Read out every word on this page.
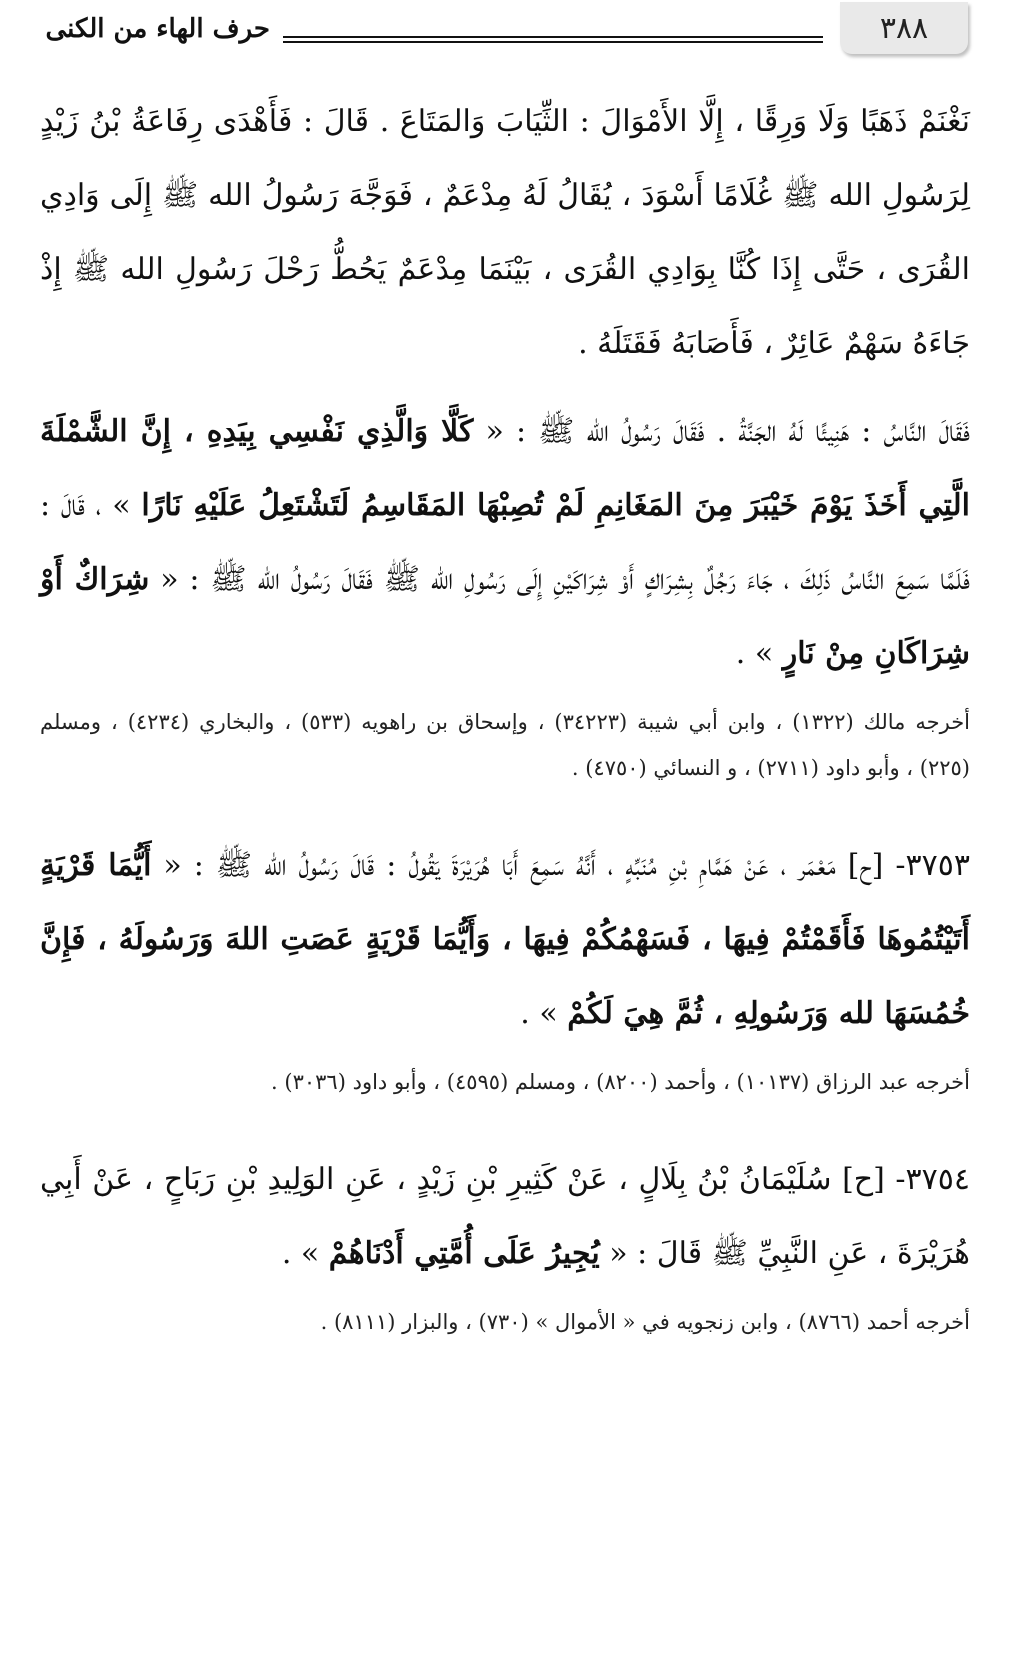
٣٨٨
حرف الهاء من الكنى

نَغْنَمْ ذَهَبًا وَلَا وَرِقًا ، إِلَّا الأَمْوَالَ : الثِّيَابَ وَالمَتَاعَ . قَالَ : فَأَهْدَى رِفَاعَةُ بْنُ زَيْدٍ لِرَسُولِ الله ﷺ غُلَامًا أَسْوَدَ ، يُقَالُ لَهُ مِدْعَمٌ ، فَوَجَّهَ رَسُولُ الله ﷺ إِلَى وَادِي القُرَى ، حَتَّى إِذَا كُنَّا بِوَادِي القُرَى ، بَيْنَمَا مِدْعَمٌ يَحُطُّ رَحْلَ رَسُولِ الله ﷺ إِذْ جَاءَهُ سَهْمٌ عَائِرٌ ، فَأَصَابَهُ فَقَتَلَهُ .

فَقَالَ النَّاسُ : هَنِيئًا لَهُ الجَنَّةُ . فَقَالَ رَسُولُ الله ﷺ : « كَلَّا وَالَّذِي نَفْسِي بِيَدِهِ ، إِنَّ الشَّمْلَةَ الَّتِي أَخَذَ يَوْمَ خَيْبَرَ مِنَ المَغَانِمِ لَمْ تُصِبْهَا المَقَاسِمُ لَتَشْتَعِلُ عَلَيْهِ نَارًا » ، قَالَ : فَلَمَّا سَمِعَ النَّاسُ ذَلِكَ ، جَاءَ رَجُلٌ بِشِرَاكٍ أَوْ شِرَاكَيْنِ إِلَى رَسُولِ الله ﷺ فَقَالَ رَسُولُ الله ﷺ : « شِرَاكٌ أَوْ شِرَاكَانِ مِنْ نَارٍ » .

أخرجه مالك (١٣٢٢) ، وابن أبي شيبة (٣٤٢٢٣) ، وإسحاق بن راهويه (٥٣٣) ، والبخاري (٤٢٣٤) ، ومسلم (٢٢٥) ، وأبو داود (٢٧١١) ، و النسائي (٤٧٥٠) .

٣٧٥٣- [ح] مَعْمَر ، عَنْ هَمَّامِ بْنِ مُنَبِّهٍ ، أَنَّهُ سَمِعَ أَبَا هُرَيْرَةَ يَقُولُ : قَالَ رَسُولُ الله ﷺ : « أَيُّمَا قَرْيَةٍ أَتَيْتُمُوهَا فَأَقَمْتُمْ فِيهَا ، فَسَهْمُكُمْ فِيهَا ، وَأَيُّمَا قَرْيَةٍ عَصَتِ اللهَ وَرَسُولَهُ ، فَإِنَّ خُمُسَهَا لله وَرَسُولِهِ ، ثُمَّ هِيَ لَكُمْ » .

أخرجه عبد الرزاق (١٠١٣٧) ، وأحمد (٨٢٠٠) ، ومسلم (٤٥٩٥) ، وأبو داود (٣٠٣٦) .

٣٧٥٤- [ح] سُلَيْمَانُ بْنُ بِلَالٍ ، عَنْ كَثِيرِ بْنِ زَيْدٍ ، عَنِ الوَلِيدِ بْنِ رَبَاحٍ ، عَنْ أَبِي هُرَيْرَةَ ، عَنِ النَّبِيِّ ﷺ قَالَ : « يُجِيرُ عَلَى أُمَّتِي أَدْنَاهُمْ » .

أخرجه أحمد (٨٧٦٦) ، وابن زنجويه في « الأموال » (٧٣٠) ، والبزار (٨١١١) .
